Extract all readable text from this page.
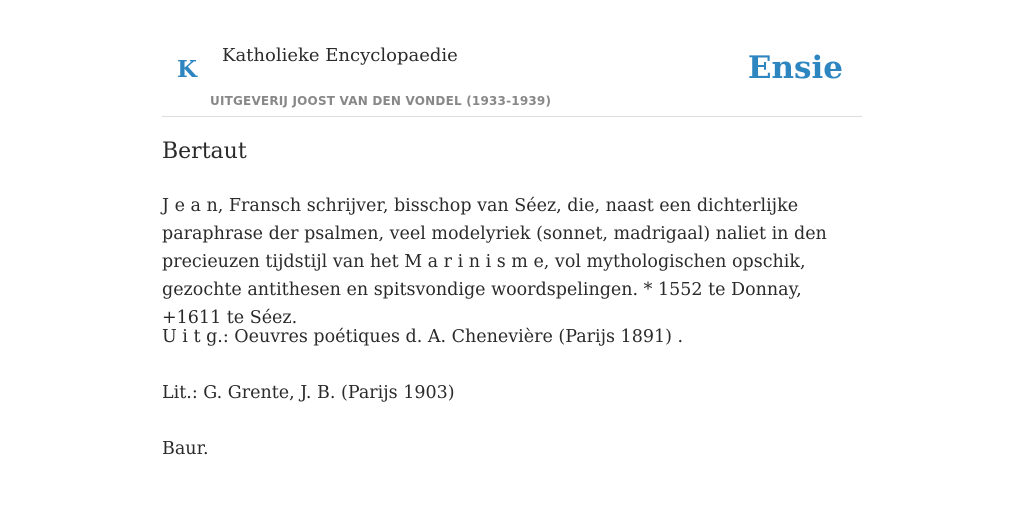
K
Katholieke Encyclopaedie
UITGEVERIJ JOOST VAN DEN VONDEL (1933-1939)
Ensie
Bertaut

J e a n, Fransch schrijver, bisschop van Séez, die, naast een dichterlijke paraphrase der psalmen, veel modelyriek (sonnet, madrigaal) naliet in den precieuzen tijdstijl van het M a r i n i s m e, vol mythologischen opschik, gezochte antithesen en spitsvondige woordspelingen. * 1552 te Donnay, +1611 te Séez.

U i t g.: Oeuvres poétiques d. A. Chenevière (Parijs 1891) .

Lit.: G. Grente, J. B. (Parijs 1903)

Baur.
